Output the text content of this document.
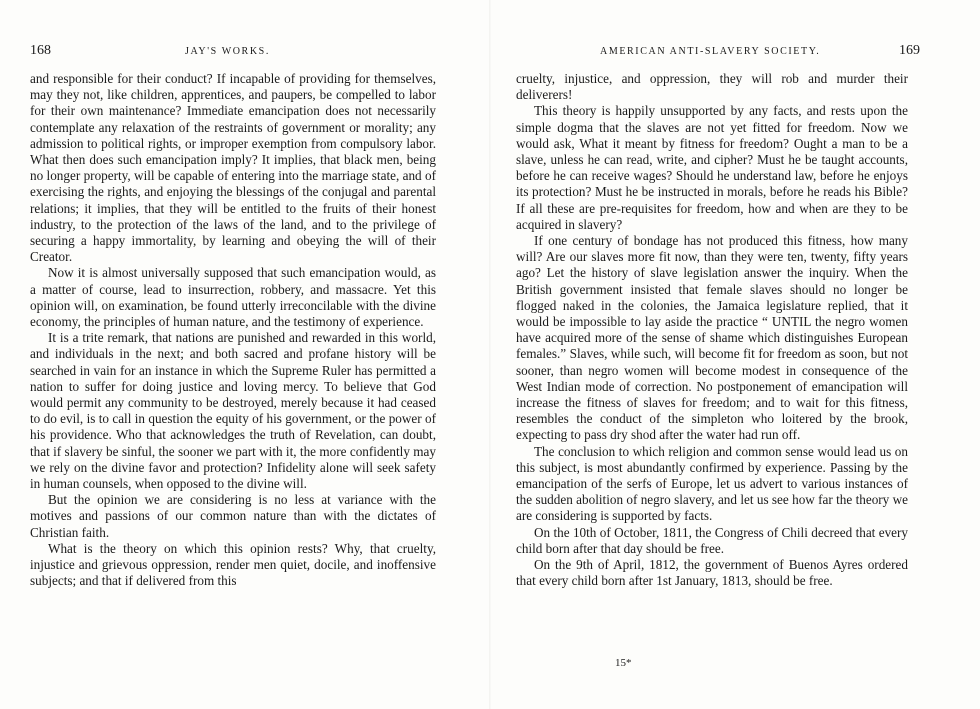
168	JAY'S WORKS.

and responsible for their conduct? If incapable of providing for themselves, may they not, like children, apprentices, and paupers, be compelled to labor for their own maintenance? Immediate emancipation does not necessarily contemplate any relaxation of the restraints of government or morality; any admission to political rights, or improper exemption from compulsory labor. What then does such emancipation imply? It implies, that black men, being no longer property, will be capable of entering into the marriage state, and of exercising the rights, and enjoying the blessings of the conjugal and parental relations; it implies, that they will be entitled to the fruits of their honest industry, to the protection of the laws of the land, and to the privilege of securing a happy immortality, by learning and obeying the will of their Creator.

Now it is almost universally supposed that such emancipation would, as a matter of course, lead to insurrection, robbery, and massacre. Yet this opinion will, on examination, be found utterly irreconcilable with the divine economy, the principles of human nature, and the testimony of experience.

It is a trite remark, that nations are punished and rewarded in this world, and individuals in the next; and both sacred and profane history will be searched in vain for an instance in which the Supreme Ruler has permitted a nation to suffer for doing justice and loving mercy. To believe that God would permit any community to be destroyed, merely because it had ceased to do evil, is to call in question the equity of his government, or the power of his providence. Who that acknowledges the truth of Revelation, can doubt, that if slavery be sinful, the sooner we part with it, the more confidently may we rely on the divine favor and protection? Infidelity alone will seek safety in human counsels, when opposed to the divine will.

But the opinion we are considering is no less at variance with the motives and passions of our common nature than with the dictates of Christian faith.

What is the theory on which this opinion rests? Why, that cruelty, injustice and grievous oppression, render men quiet, docile, and inoffensive subjects; and that if delivered from this

AMERICAN ANTI-SLAVERY SOCIETY.	169

cruelty, injustice, and oppression, they will rob and murder their deliverers!

This theory is happily unsupported by any facts, and rests upon the simple dogma that the slaves are not yet fitted for freedom. Now we would ask, What it meant by fitness for freedom? Ought a man to be a slave, unless he can read, write, and cipher? Must he be taught accounts, before he can receive wages? Should he understand law, before he enjoys its protection? Must he be instructed in morals, before he reads his Bible? If all these are pre-requisites for freedom, how and when are they to be acquired in slavery?

If one century of bondage has not produced this fitness, how many will? Are our slaves more fit now, than they were ten, twenty, fifty years ago? Let the history of slave legislation answer the inquiry. When the British government insisted that female slaves should no longer be flogged naked in the colonies, the Jamaica legislature replied, that it would be impossible to lay aside the practice “ UNTIL the negro women have acquired more of the sense of shame which distinguishes European females.” Slaves, while such, will become fit for freedom as soon, but not sooner, than negro women will become modest in consequence of the West Indian mode of correction. No postponement of emancipation will increase the fitness of slaves for freedom; and to wait for this fitness, resembles the conduct of the simpleton who loitered by the brook, expecting to pass dry shod after the water had run off.

The conclusion to which religion and common sense would lead us on this subject, is most abundantly confirmed by experience. Passing by the emancipation of the serfs of Europe, let us advert to various instances of the sudden abolition of negro slavery, and let us see how far the theory we are considering is supported by facts.

On the 10th of October, 1811, the Congress of Chili decreed that every child born after that day should be free.

On the 9th of April, 1812, the government of Buenos Ayres ordered that every child born after 1st January, 1813, should be free.

15*
